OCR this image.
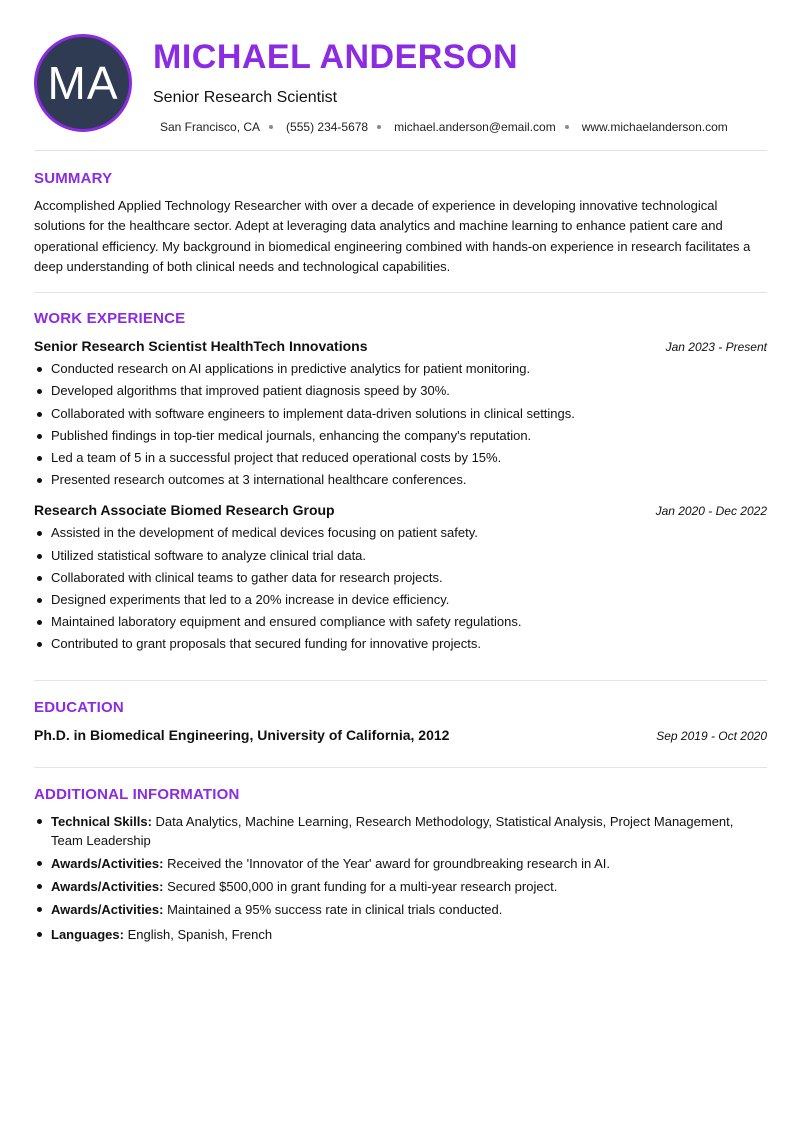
MA MICHAEL ANDERSON
Senior Research Scientist
San Francisco, CA (555) 234-5678 michael.anderson@email.com www.michaelanderson.com
SUMMARY

Accomplished Applied Technology Researcher with over a decade of experience in developing innovative technological solutions for the healthcare sector. Adept at leveraging data analytics and machine learning to enhance patient care and operational efficiency. My background in biomedical engineering combined with hands-on experience in research facilitates a deep understanding of both clinical needs and technological capabilities.

WORK EXPERIENCE
Senior Research Scientist HealthTech Innovations	Jan 2023 - Present
Conducted research on AI applications in predictive analytics for patient monitoring.
Developed algorithms that improved patient diagnosis speed by 30%.
Collaborated with software engineers to implement data-driven solutions in clinical settings.
Published findings in top-tier medical journals, enhancing the company's reputation.
Led a team of 5 in a successful project that reduced operational costs by 15%.
Presented research outcomes at 3 international healthcare conferences.
Research Associate Biomed Research Group	Jan 2020 - Dec 2022
Assisted in the development of medical devices focusing on patient safety.
Utilized statistical software to analyze clinical trial data.
Collaborated with clinical teams to gather data for research projects.
Designed experiments that led to a 20% increase in device efficiency.
Maintained laboratory equipment and ensured compliance with safety regulations.
Contributed to grant proposals that secured funding for innovative projects.
EDUCATION
Ph.D. in Biomedical Engineering, University of California, 2012	Sep 2019 - Oct 2020
ADDITIONAL INFORMATION
Technical Skills: Data Analytics, Machine Learning, Research Methodology, Statistical Analysis, Project Management, Team Leadership
Awards/Activities: Received the 'Innovator of the Year' award for groundbreaking research in AI.
Awards/Activities: Secured $500,000 in grant funding for a multi-year research project.
Awards/Activities: Maintained a 95% success rate in clinical trials conducted.
Languages: English, Spanish, French
